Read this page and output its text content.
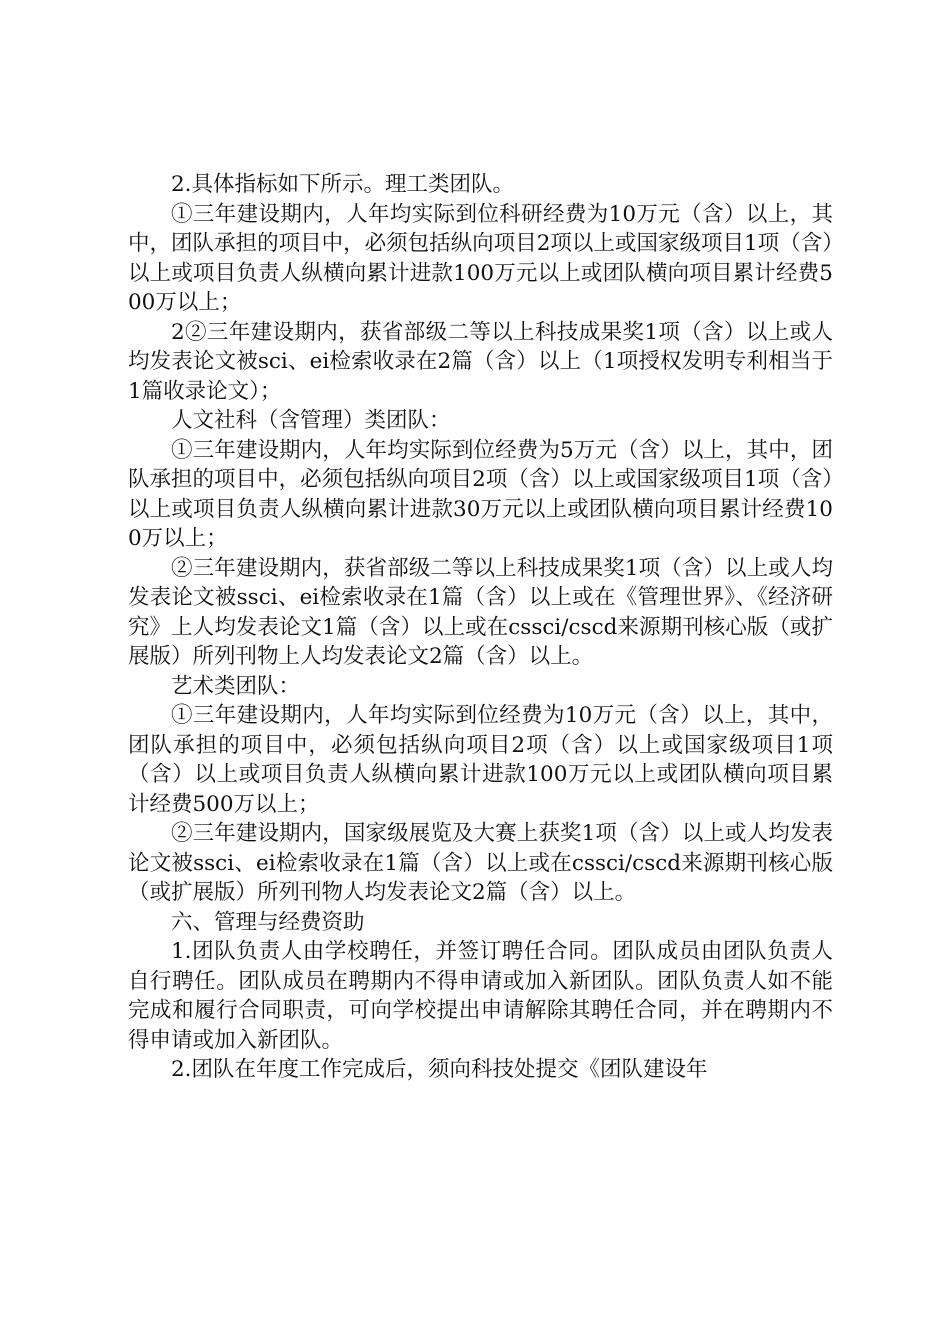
2.具体指标如下所示。理工类团队。

①三年建设期内，人年均实际到位科研经费为10万元（含）以上，其中，团队承担的项目中，必须包括纵向项目2项以上或国家级项目1项（含）以上或项目负责人纵横向累计进款100万元以上或团队横向项目累计经费500万以上；

2②三年建设期内，获省部级二等以上科技成果奖1项（含）以上或人均发表论文被sci、ei检索收录在2篇（含）以上（1项授权发明专利相当于1篇收录论文）；

人文社科（含管理）类团队：

①三年建设期内，人年均实际到位经费为5万元（含）以上，其中，团队承担的项目中，必须包括纵向项目2项（含）以上或国家级项目1项（含）以上或项目负责人纵横向累计进款30万元以上或团队横向项目累计经费100万以上；

②三年建设期内，获省部级二等以上科技成果奖1项（含）以上或人均发表论文被ssci、ei检索收录在1篇（含）以上或在《管理世界》、《经济研究》上人均发表论文1篇（含）以上或在cssci/cscd来源期刊核心版（或扩展版）所列刊物上人均发表论文2篇（含）以上。

艺术类团队：

①三年建设期内，人年均实际到位经费为10万元（含）以上，其中，团队承担的项目中，必须包括纵向项目2项（含）以上或国家级项目1项（含）以上或项目负责人纵横向累计进款100万元以上或团队横向项目累计经费500万以上；

②三年建设期内，国家级展览及大赛上获奖1项（含）以上或人均发表论文被ssci、ei检索收录在1篇（含）以上或在cssci/cscd来源期刊核心版（或扩展版）所列刊物人均发表论文2篇（含）以上。

六、管理与经费资助

1.团队负责人由学校聘任，并签订聘任合同。团队成员由团队负责人自行聘任。团队成员在聘期内不得申请或加入新团队。团队负责人如不能完成和履行合同职责，可向学校提出申请解除其聘任合同，并在聘期内不得申请或加入新团队。

2.团队在年度工作完成后，须向科技处提交《团队建设年
